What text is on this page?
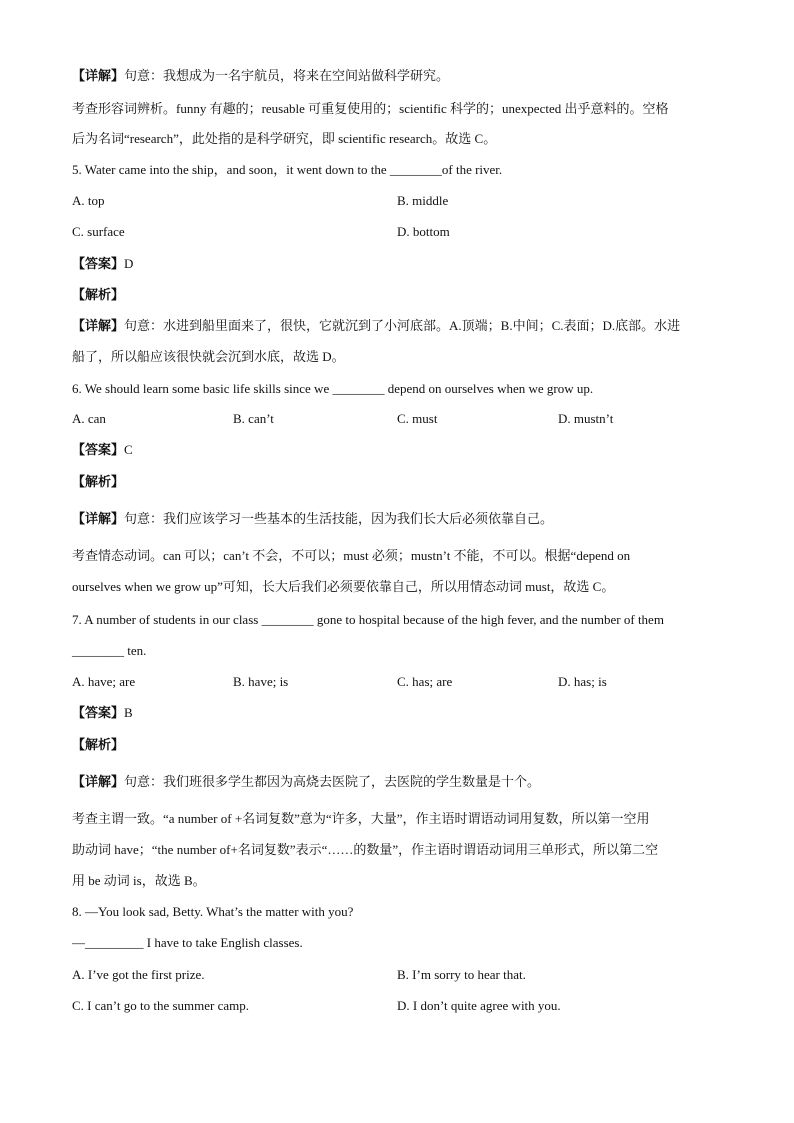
【详解】句意：我想成为一名宇航员，将来在空间站做科学研究。
考查形容词辨析。funny 有趣的；reusable 可重复使用的；scientific 科学的；unexpected 出乎意料的。空格
后为名词“research”，此处指的是科学研究，即 scientific research。故选 C。
5. Water came into the ship，and soon，it went down to the ________of the river.
A. top	B. middle
C. surface	D. bottom
【答案】D
【解析】
【详解】句意：水进到船里面来了，很快，它就沉到了小河底部。A.顶端；B.中间；C.表面；D.底部。水进
船了，所以船应该很快就会沉到水底，故选 D。
6. We should learn some basic life skills since we ________ depend on ourselves when we grow up.
A. can	B. can’t	C. must	D. mustn’t
【答案】C
【解析】
【详解】句意：我们应该学习一些基本的生活技能，因为我们长大后必须依靠自己。
考查情态动词。can 可以；can’t 不会，不可以；must 必须；mustn’t 不能，不可以。根据“depend on
ourselves when we grow up”可知，长大后我们必须要依靠自己，所以用情态动词 must，故选 C。
7. A number of students in our class ________ gone to hospital because of the high fever, and the number of them
________ ten.
A. have; are	B. have; is	C. has; are	D. has; is
【答案】B
【解析】
【详解】句意：我们班很多学生都因为高烧去医院了，去医院的学生数量是十个。
考查主谓一致。“a number of +名词复数”意为“许多，大量”，作主语时谓语动词用复数，所以第一空用
助动词 have；“the number of+名词复数”表示“……的数量”，作主语时谓语动词用三单形式，所以第二空
用 be 动词 is，故选 B。
8. —You look sad, Betty. What’s the matter with you?
—_________ I have to take English classes.
A. I’ve got the first prize.	B. I’m sorry to hear that.
C. I can’t go to the summer camp.	D. I don’t quite agree with you.
